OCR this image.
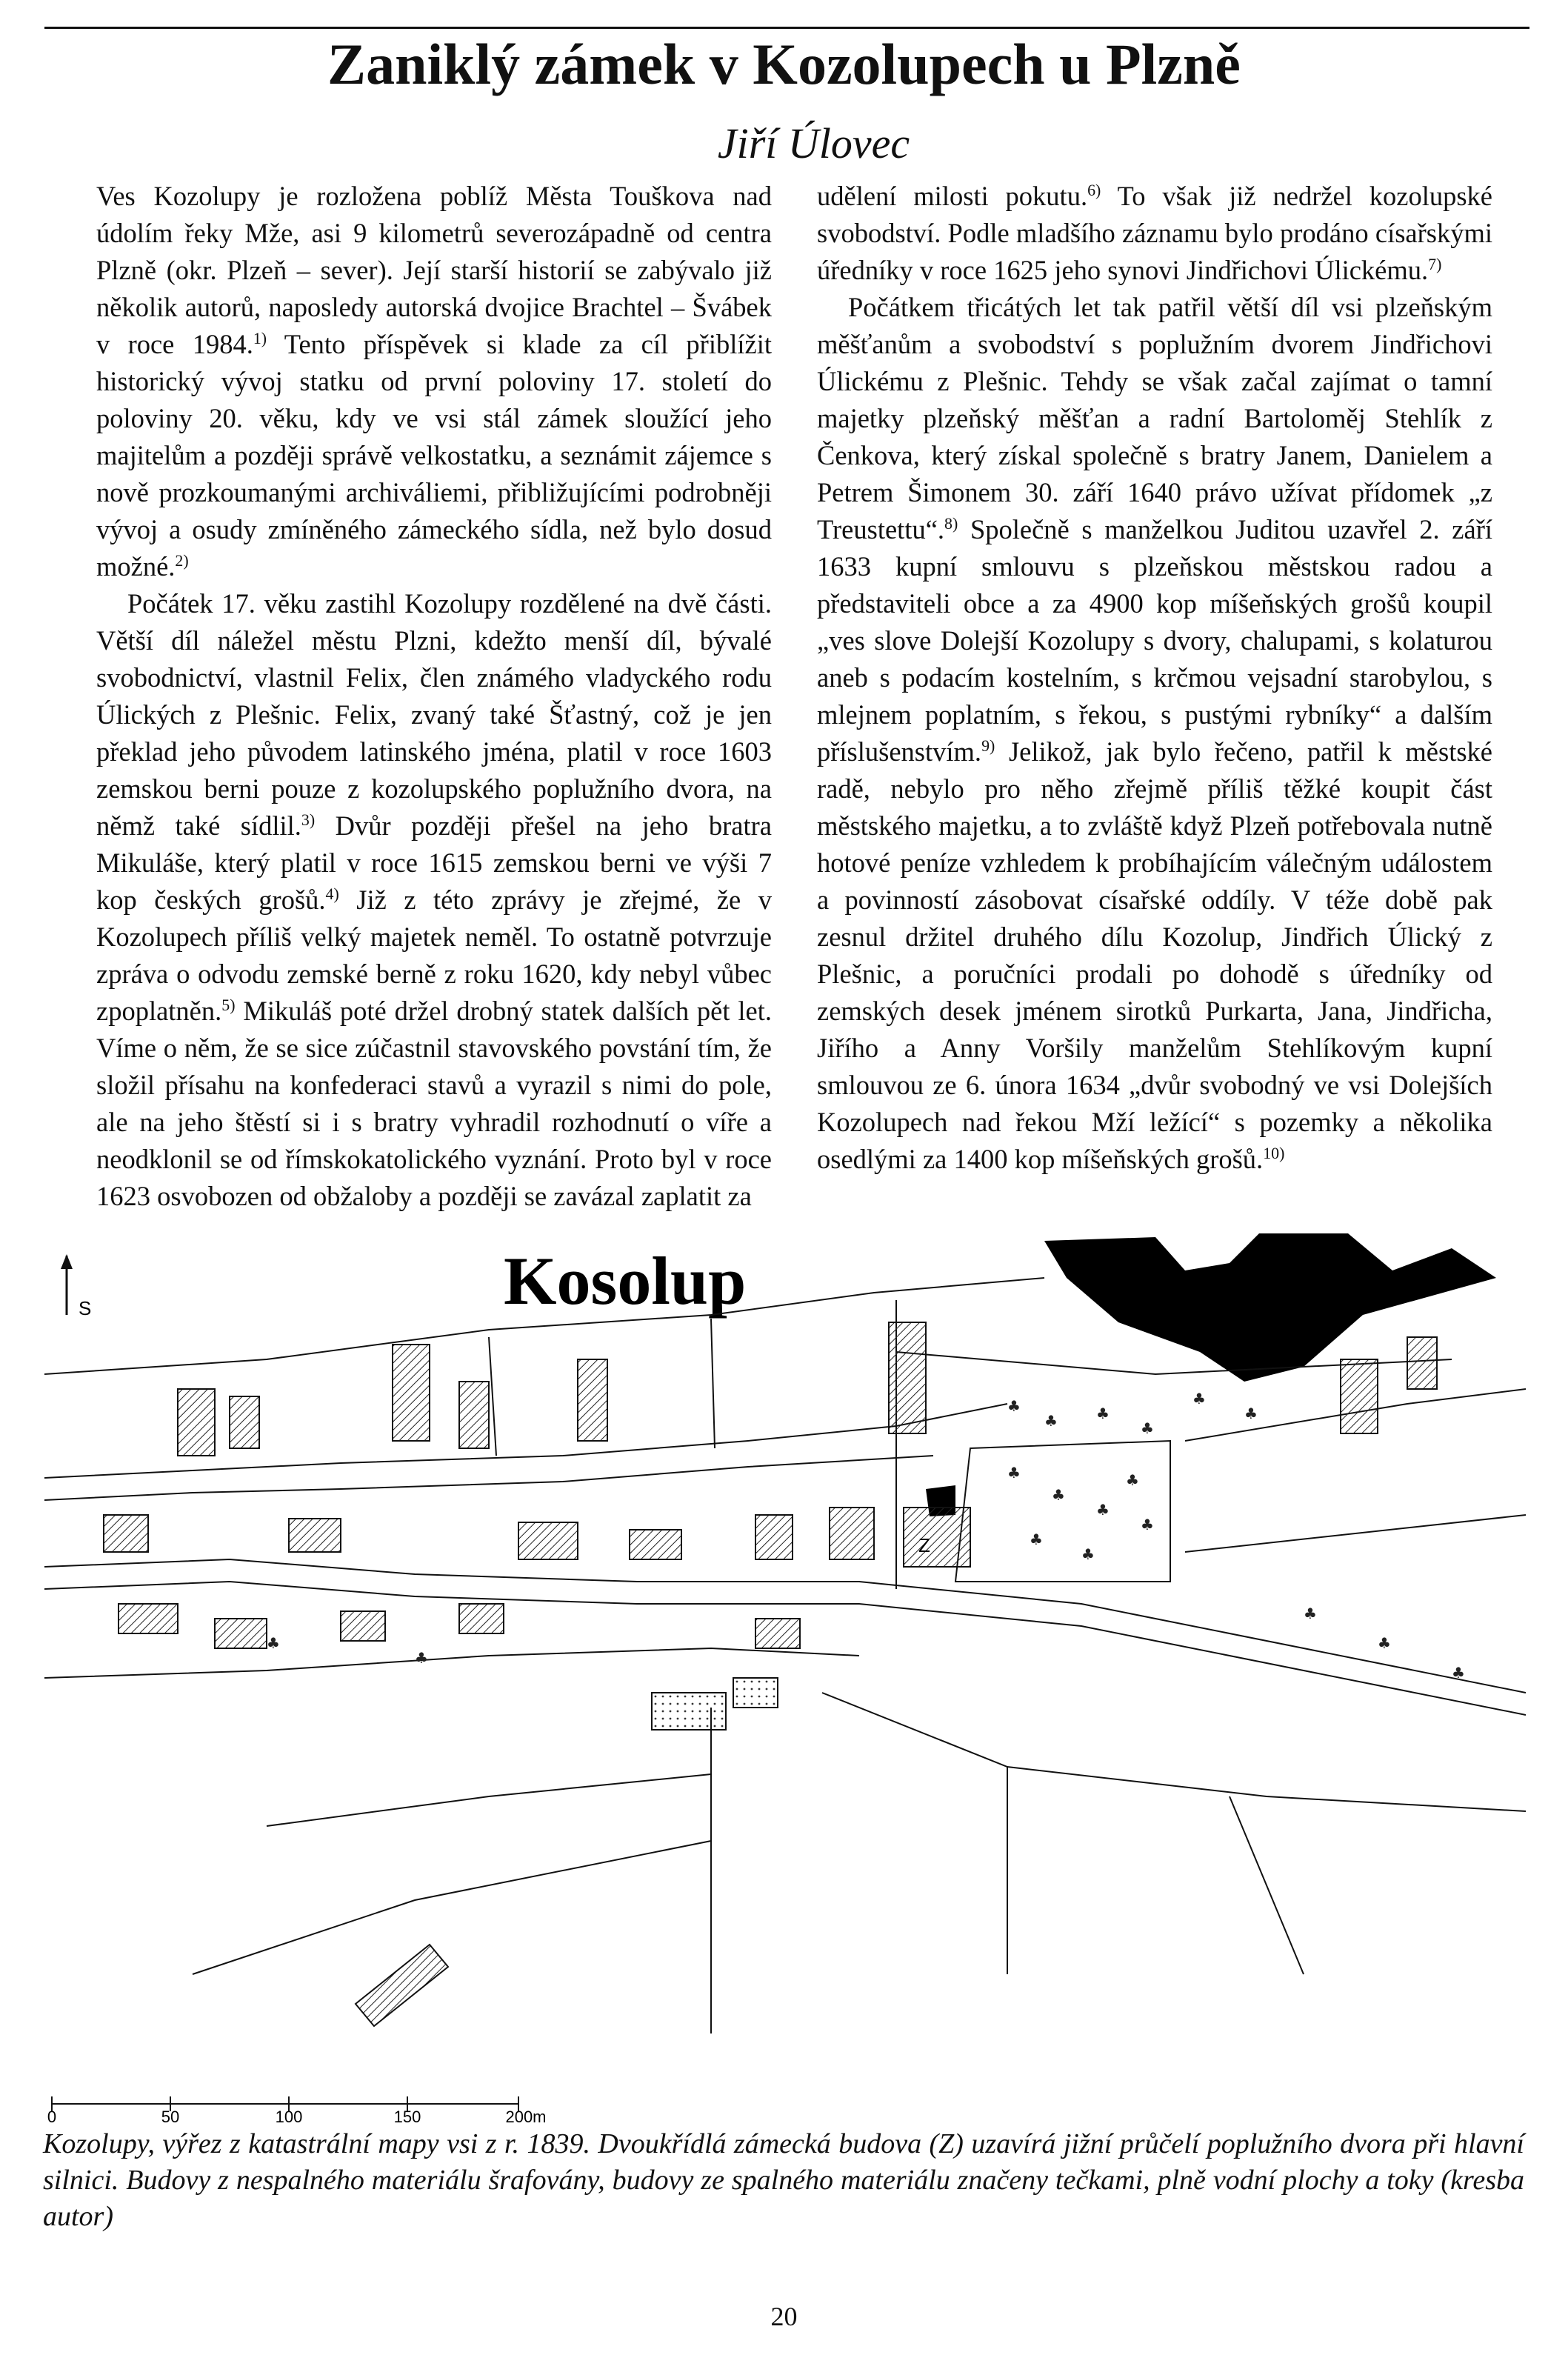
Zaniklý zámek v Kozolupech u Plzně
Jiří Úlovec

Ves Kozolupy je rozložena poblíž Města Touškova nad údolím řeky Mže, asi 9 kilometrů severozápadně od centra Plzně (okr. Plzeň – sever). Její starší historií se zabývalo již několik autorů, naposledy autorská dvojice Brachtel – Švábek v roce 1984.$^{1)}$ Tento příspěvek si klade za cíl přiblížit historický vývoj statku od první poloviny 17. století do poloviny 20. věku, kdy ve vsi stál zámek sloužící jeho majitelům a později správě velkostatku, a seznámit zájemce s nově prozkoumanými archiváliemi, přibližujícími podrobněji vývoj a osudy zmíněného zámeckého sídla, než bylo dosud možné.$^{2)}$

Počátek 17. věku zastihl Kozolupy rozdělené na dvě části. Větší díl náležel městu Plzni, kdežto menší díl, bývalé svobodnictví, vlastnil Felix, člen známého vladyckého rodu Úlických z Plešnic. Felix, zvaný také Šťastný, což je jen překlad jeho původem latinského jména, platil v roce 1603 zemskou berni pouze z kozolupského poplužního dvora, na němž také sídlil.$^{3)}$ Dvůr později přešel na jeho bratra Mikuláše, který platil v roce 1615 zemskou berni ve výši 7 kop českých grošů.$^{4)}$ Již z této zprávy je zřejmé, že v Kozolupech příliš velký majetek neměl. To ostatně potvrzuje zpráva o odvodu zemské berně z roku 1620, kdy nebyl vůbec zpoplatněn.$^{5)}$ Mikuláš poté držel drobný statek dalších pět let. Víme o něm, že se sice zúčastnil stavovského povstání tím, že složil přísahu na konfederaci stavů a vyrazil s nimi do pole, ale na jeho štěstí si i s bratry vyhradil rozhodnutí o víře a neodklonil se od římskokatolického vyznání. Proto byl v roce 1623 osvobozen od obžaloby a později se zavázal zaplatit za

udělení milosti pokutu.$^{6)}$ To však již nedržel kozolupské svobodství. Podle mladšího záznamu bylo prodáno císařskými úředníky v roce 1625 jeho synovi Jindřichovi Úlickému.$^{7)}$

Počátkem třicátých let tak patřil větší díl vsi plzeňským měšťanům a svobodství s poplužním dvorem Jindřichovi Úlickému z Plešnic. Tehdy se však začal zajímat o tamní majetky plzeňský měšťan a radní Bartoloměj Stehlík z Čenkova, který získal společně s bratry Janem, Danielem a Petrem Šimonem 30. září 1640 právo užívat přídomek „z Treustettu“.$^{8)}$ Společně s manželkou Juditou uzavřel 2. září 1633 kupní smlouvu s plzeňskou městskou radou a představiteli obce a za 4900 kop míšeňských grošů koupil „ves slove Dolejší Kozolupy s dvory, chalupami, s kolaturou aneb s podacím kostelním, s krčmou vejsadní starobylou, s mlejnem poplatním, s řekou, s pustými rybníky“ a dalším příslušenstvím.$^{9)}$ Jelikož, jak bylo řečeno, patřil k městské radě, nebylo pro něho zřejmě příliš těžké koupit část městského majetku, a to zvláště když Plzeň potřebovala nutně hotové peníze vzhledem k probíhajícím válečným událostem a povinností zásobovat císařské oddíly. V téže době pak zesnul držitel druhého dílu Kozolup, Jindřich Úlický z Plešnic, a poručníci prodali po dohodě s úředníky od zemských desek jménem sirotků Purkarta, Jana, Jindřicha, Jiřího a Anny Voršily manželům Stehlíkovým kupní smlouvou ze 6. února 1634 „dvůr svobodný ve vsi Dolejších Kozolupech nad řekou Mží ležící“ s pozemky a několika osedlými za 1400 kop míšeňských grošů.$^{10)}$

S	Kosolup
♣
♣	♣
♣
♣
♣
♣
♣
♣
♣
♣
♣
♣
♣
♣
♣
♣
♣
Z
0	50	100	150	200m
Kozolupy, výřez z katastrální mapy vsi z r. 1839. Dvoukřídlá zámecká budova (Z) uzavírá jižní průčelí poplužního dvora při hlavní silnici. Budovy z nespalného materiálu šrafovány, budovy ze spalného materiálu značeny tečkami, plně vodní plochy a toky (kresba autor)
20
